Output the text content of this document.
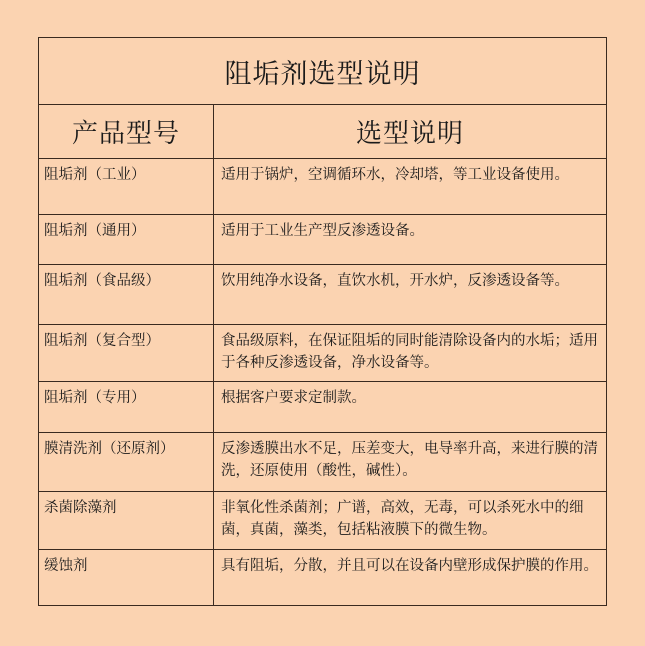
阻垢剂选型说明	
产品型号	选型说明
阻垢剂（工业）	适用于锅炉，空调循环水，冷却塔，等工业设备使用。
阻垢剂（通用）	适用于工业生产型反渗透设备。
阻垢剂（食品级）	饮用纯净水设备，直饮水机，开水炉，反渗透设备等。
阻垢剂（复合型）	食品级原料，在保证阻垢的同时能清除设备内的水垢；适用于各种反渗透设备，净水设备等。
阻垢剂（专用）	根据客户要求定制款。
膜清洗剂（还原剂）	反渗透膜出水不足，压差变大，电导率升高，来进行膜的清洗，还原使用（酸性，碱性）。
杀菌除藻剂	非氧化性杀菌剂；广谱，高效，无毒，可以杀死水中的细菌，真菌，藻类，包括粘液膜下的微生物。
缓蚀剂	具有阻垢，分散，并且可以在设备内壁形成保护膜的作用。
